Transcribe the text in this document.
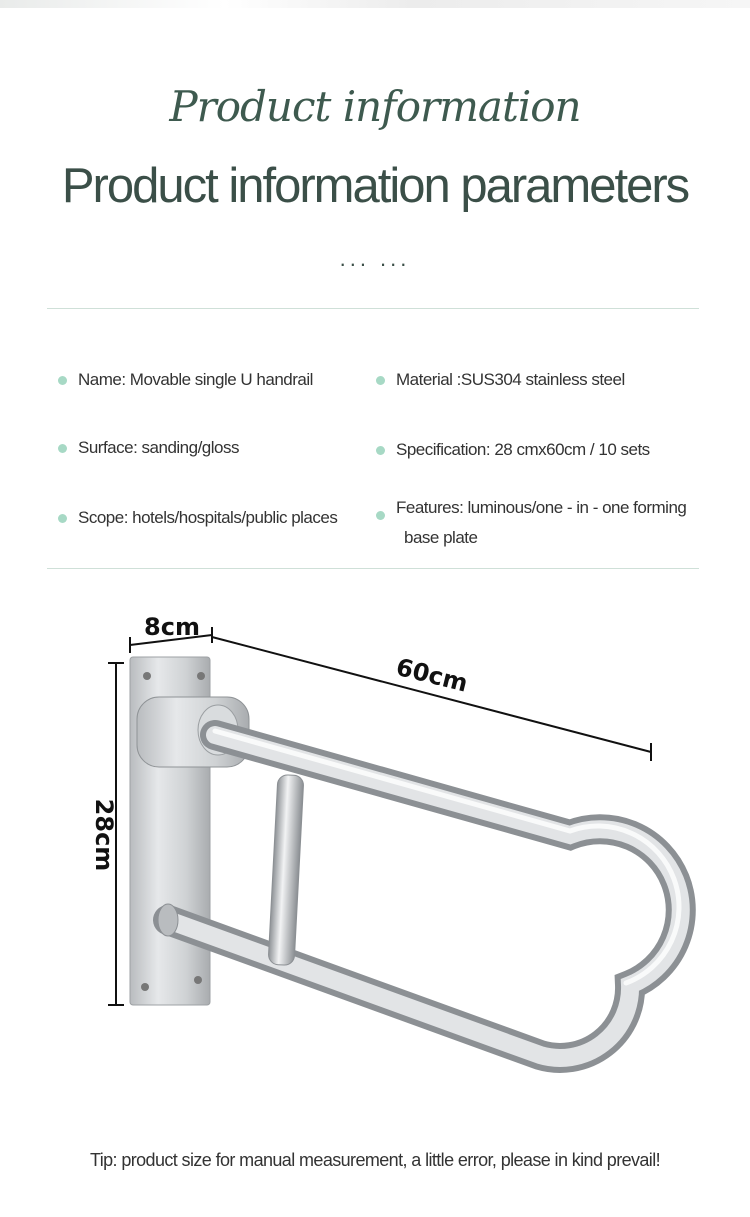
Product information
Product information parameters
... ...
Name: Movable single U handrail	Material :SUS304 stainless steel
Surface: sanding/gloss	Specification: 28 cmx60cm / 10 sets
Scope: hotels/hospitals/public places
Features: luminous/one - in - one forming
base plate
8cm
60cm
28cm
Tip: product size for manual measurement, a little error, please in kind prevail!
